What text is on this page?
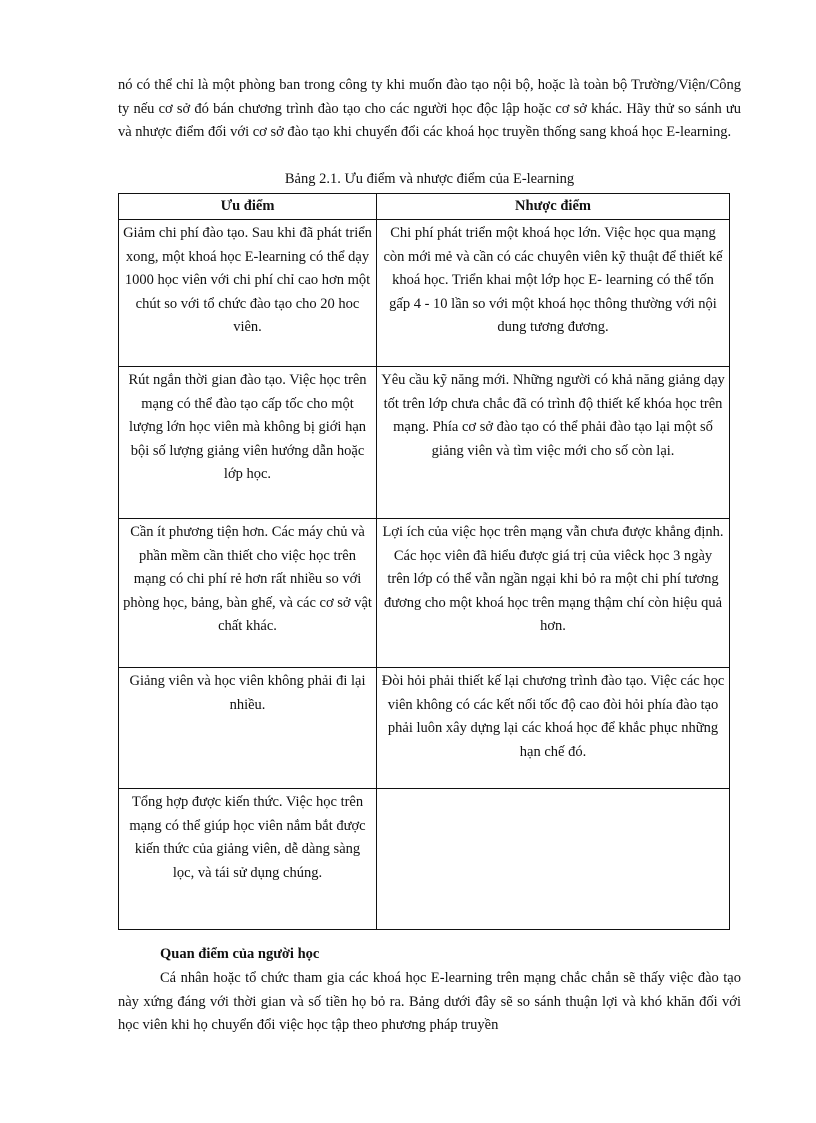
nó có thể chỉ là một phòng ban trong công ty khi muốn đào tạo nội bộ, hoặc là toàn bộ Trường/Viện/Công ty nếu cơ sở đó bán chương trình đào tạo cho các người học độc lập hoặc cơ sở khác. Hãy thử so sánh ưu và nhược điểm đối với cơ sở đào tạo khi chuyển đổi các khoá học truyền thống sang khoá học E-learning.

Bảng 2.1. Ưu điểm và nhược điểm của E-learning

Ưu điểm	Nhược điểm
Giảm chi phí đào tạo. Sau khi đã phát triển xong, một khoá học E-learning có thể dạy 1000 học viên với chi phí chỉ cao hơn một chút so với tổ chức đào tạo cho 20 hoc viên.	Chi phí phát triển một khoá học lớn. Việc học qua mạng còn mới mẻ và cần có các chuyên viên kỹ thuật để thiết kế khoá học. Triển khai một lớp học E- learning có thể tốn gấp 4 - 10 lần so với một khoá học thông thường với nội dung tương đương.
Rút ngắn thời gian đào tạo. Việc học trên mạng có thể đào tạo cấp tốc cho một lượng lớn học viên mà không bị giới hạn bội số lượng giảng viên hướng dẫn hoặc lớp học.	Yêu cầu kỹ năng mới. Những người có khả năng giảng dạy tốt trên lớp chưa chắc đã có trình độ thiết kế khóa học trên mạng. Phía cơ sở đào tạo có thể phải đào tạo lại một số giảng viên và tìm việc mới cho số còn lại.
Cần ít phương tiện hơn. Các máy chủ và phần mềm cần thiết cho việc học trên mạng có chi phí rẻ hơn rất nhiều so với phòng học, bảng, bàn ghế, và các cơ sở vật chất khác.	Lợi ích của việc học trên mạng vẫn chưa được khẳng định. Các học viên đã hiểu được giá trị của viêck học 3 ngày trên lớp có thể vẫn ngần ngại khi bỏ ra một chi phí tương đương cho một khoá học trên mạng thậm chí còn hiệu quả hơn.
Giảng viên và học viên không phải đi lại nhiều.	Đòi hỏi phải thiết kế lại chương trình đào tạo. Việc các học viên không có các kết nối tốc độ cao đòi hỏi phía đào tạo phải luôn xây dựng lại các khoá học để khắc phục những hạn chế đó.
Tổng hợp được kiến thức. Việc học trên mạng có thể giúp học viên nắm bắt được kiến thức của giảng viên, dễ dàng sàng lọc, và tái sử dụng chúng.	

Quan điểm của người học

Cá nhân hoặc tổ chức tham gia các khoá học E-learning trên mạng chắc chắn sẽ thấy việc đào tạo này xứng đáng với thời gian và số tiền họ bỏ ra. Bảng dưới đây sẽ so sánh thuận lợi và khó khăn đối với học viên khi họ chuyển đổi việc học tập theo phương pháp truyền
